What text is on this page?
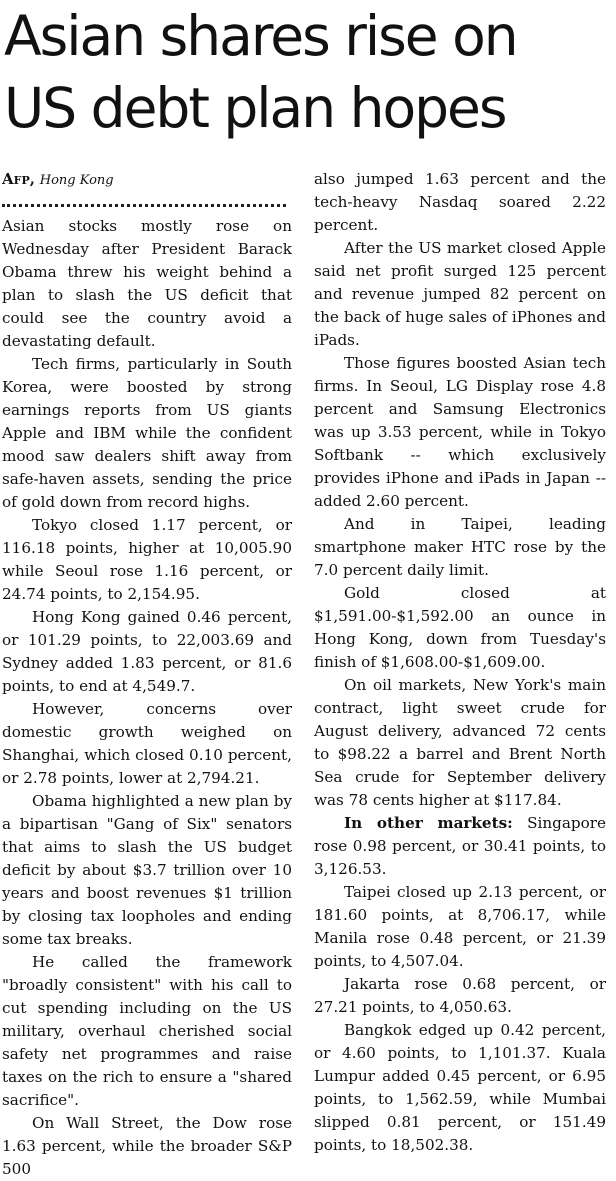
Asian shares rise on
US debt plan hopes
Afp, Hong Kong

Asian stocks mostly rose on Wednesday after President Barack Obama threw his weight behind a plan to slash the US deficit that could see the country avoid a devastating default.

Tech firms, particularly in South Korea, were boosted by strong earnings reports from US giants Apple and IBM while the confident mood saw dealers shift away from safe-haven assets, sending the price of gold down from record highs.

Tokyo closed 1.17 percent, or 116.18 points, higher at 10,005.90 while Seoul rose 1.16 percent, or 24.74 points, to 2,154.95.

Hong Kong gained 0.46 percent, or 101.29 points, to 22,003.69 and Sydney added 1.83 percent, or 81.6 points, to end at 4,549.7.

However, concerns over domestic growth weighed on Shanghai, which closed 0.10 percent, or 2.78 points, lower at 2,794.21.

Obama highlighted a new plan by a bipartisan "Gang of Six" senators that aims to slash the US budget deficit by about $3.7 trillion over 10 years and boost revenues $1 trillion by closing tax loopholes and ending some tax breaks.

He called the framework "broadly consistent" with his call to cut spending including on the US military, overhaul cherished social safety net programmes and raise taxes on the rich to ensure a "shared sacrifice".

On Wall Street, the Dow rose 1.63 percent, while the broader S&P 500

also jumped 1.63 percent and the tech-heavy Nasdaq soared 2.22 percent.

After the US market closed Apple said net profit surged 125 percent and revenue jumped 82 percent on the back of huge sales of iPhones and iPads.

Those figures boosted Asian tech firms. In Seoul, LG Display rose 4.8 percent and Samsung Electronics was up 3.53 percent, while in Tokyo Softbank -- which exclusively provides iPhone and iPads in Japan -- added 2.60 percent.

And in Taipei, leading smartphone maker HTC rose by the 7.0 percent daily limit.

Gold closed at $1,591.00-$1,592.00 an ounce in Hong Kong, down from Tuesday's finish of $1,608.00-$1,609.00.

On oil markets, New York's main contract, light sweet crude for August delivery, advanced 72 cents to $98.22 a barrel and Brent North Sea crude for September delivery was 78 cents higher at $117.84.

In other markets: Singapore rose 0.98 percent, or 30.41 points, to 3,126.53.

Taipei closed up 2.13 percent, or 181.60 points, at 8,706.17, while Manila rose 0.48 percent, or 21.39 points, to 4,507.04.

Jakarta rose 0.68 percent, or 27.21 points, to 4,050.63.

Bangkok edged up 0.42 percent, or 4.60 points, to 1,101.37. Kuala Lumpur added 0.45 percent, or 6.95 points, to 1,562.59, while Mumbai slipped 0.81 percent, or 151.49 points, to 18,502.38.
